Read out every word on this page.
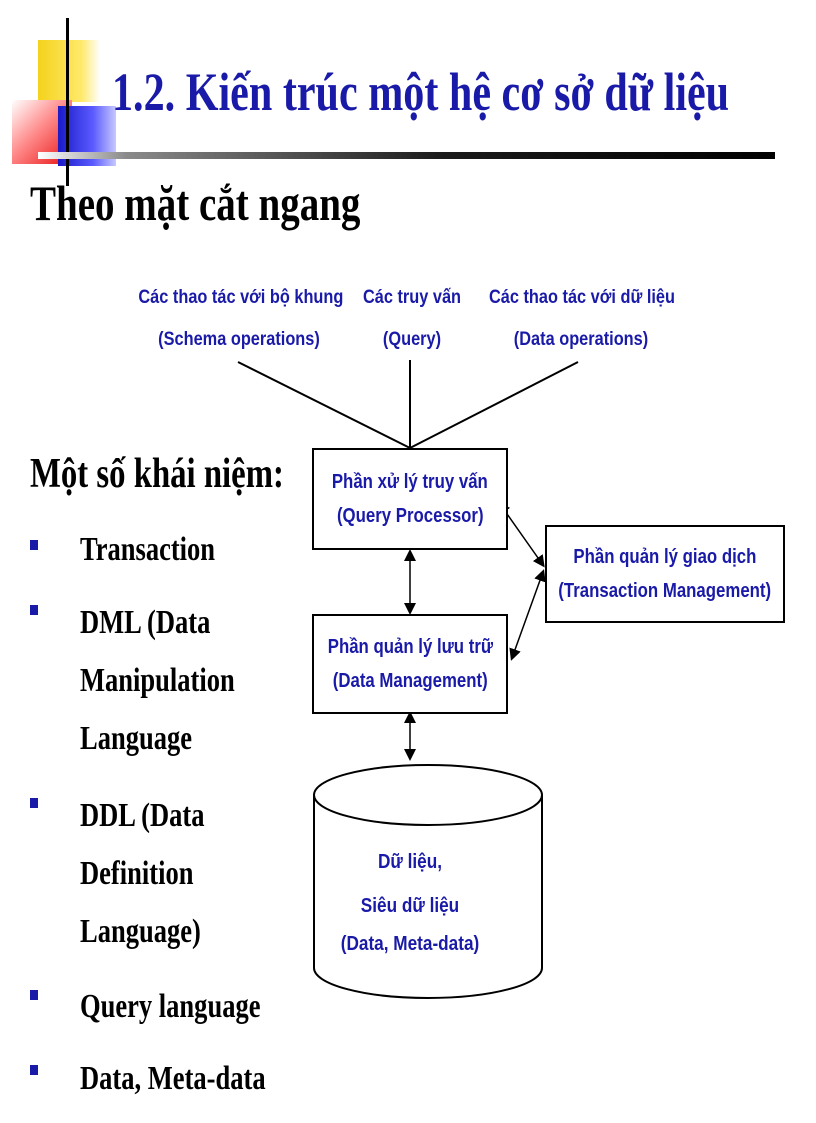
1.2. Kiến trúc một hệ cơ sở dữ liệu
Theo mặt cắt ngang
Dữ liệu,
Siêu dữ liệu
(Data, Meta-data)
Các thao tác với bộ khung
(Schema operations)
Các truy vấn
(Query)
Các thao tác với dữ liệu
(Data operations)
Phần xử lý truy vấn
(Query Processor)
Phần quản lý lưu trữ
(Data Management)
Phần quản lý giao dịch
(Transaction Management)
Một số khái niệm:
Transaction
DML (Data
Manipulation
Language
DDL (Data
Definition
Language)
Query language
Data, Meta-data
